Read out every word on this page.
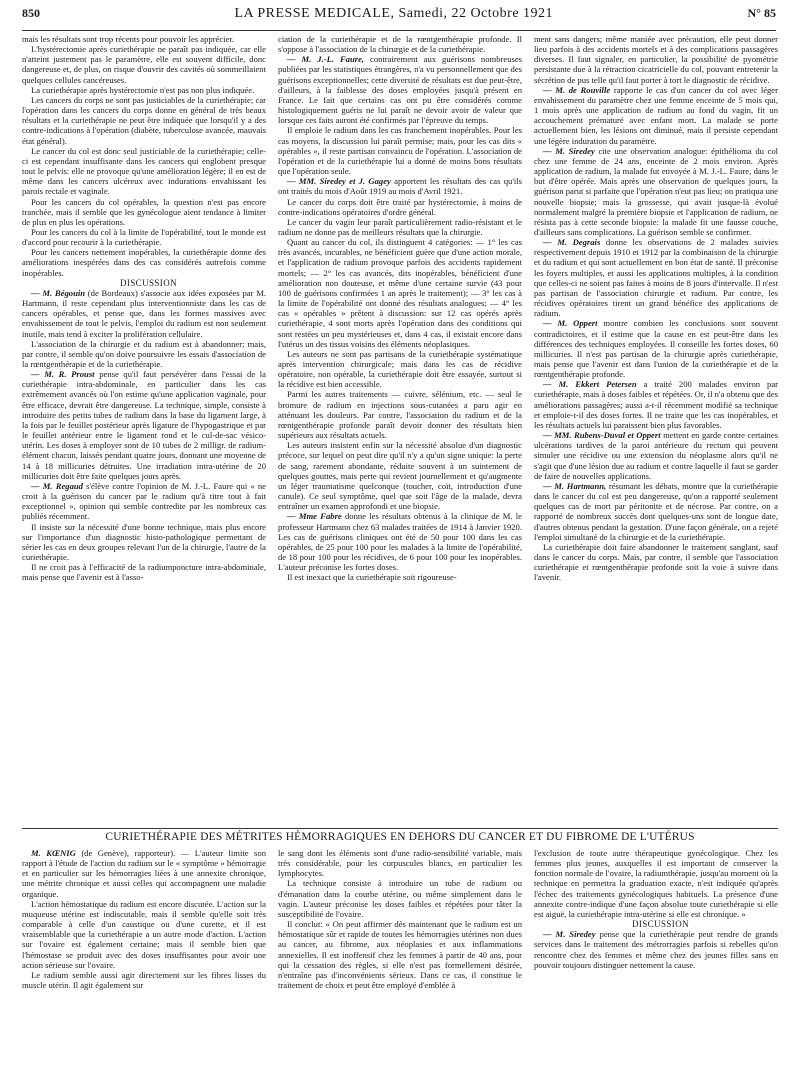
850	LA PRESSE MEDICALE, Samedi, 22 Octobre 1921	N° 85

mais les résultats sont trop récents pour pouvoir les apprécier.

L'hystérectomie après curiethérapie ne paraît pas indiquée, car elle n'atteint justement pas le paramètre, elle est souvent difficile, donc dangereuse et, de plus, on risque d'ouvrir des cavités où sommeillaient quelques cellules cancéreuses.

La curiethérapie après hystérectomie n'est pas non plus indiquée.

Les cancers du corps ne sont pas justiciables de la curiethérapie; car l'opération dans les cancers du corps donne en général de très beaux résultats et la curiethérapie ne peut être indiquée que lorsqu'il y a des contre-indications à l'opération (diabète, tuberculose avancée, mauvais état général).

Le cancer du col est donc seul justiciable de la curiethérapie; celle-ci est cependant insuffisante dans les cancers qui englobent presque tout le pelvis: elle ne provoque qu'une amélioration légère; il en est de même dans les cancers ulcéreux avec indurations envahissant les parois rectale et vaginale.

Pour les cancers du col opérables, la question n'est pas encore tranchée, mais il semble que les gynécologue aient tendance à limiter de plus en plus les opérations.

Pour les cancers du col à la limite de l'opérabilité, tout le monde est d'accord pour recourir à la curiethérapie.

Pour les cancers nettement inopérables, la curiethérapie donne des améliorations inespérées dans des cas considérés autrefois comme inopérables.

DISCUSSION

— M. Bégouin (de Bordeaux) s'associe aux idées exposées par M. Hartmann, il reste cependant plus interventionniste dans les cas de cancers opérables, et pense que, dans les formes massives avec envahissement de tout le pelvis, l'emploi du radium est non seulement inutile, mais tend à exciter la prolifération cellulaire.

L'association de la chirurgie et du radium est à abandonner; mais, par contre, il semble qu'on doive poursuivre les essais d'association de la rœntgenthérapie et de la curiethérapie.

— M. R. Proust pense qu'il faut persévérer dans l'essai de la curiethérapie intra-abdominale, en particulier dans les cas extrêmement avancés où l'on estime qu'une application vaginale, pour être efficace, devrait être dangereuse. La technique, simple, consiste à introduire des petits tubes de radium dans la base du ligament large, à la fois par le feuillet postérieur après ligature de l'hypogastrique et par le feuillet antérieur entre le ligament rond et le cul-de-sac vésico-utérin. Les doses à employer sont de 10 tubes de 2 milligr. de radium-élément chacun, laissés pendant quatre jours, donnant une moyenne de 14 à 18 millicuries détruites. Une irradiation intra-utérine de 20 millicuries doit être faite quelques jours après.

— M. Regaud s'élève contre l'opinion de M. J.-L. Faure qui « ne croit à la guérison du cancer par le radium qu'à titre tout à fait exceptionnel », opinion qui semble contredite par les nombreux cas publiés récemment.

Il insiste sur la nécessité d'une bonne technique, mais plus encore sur l'importance d'un diagnostic histo-pathologique permettant de sérier les cas en deux groupes relevant l'un de la chirurgie, l'autre de la curiethérapie.

Il ne croit pas à l'efficacité de la radiumponcture intra-abdominale, mais pense que l'avenir est à l'asso-

ciation de la curiethérapie et de la rœntgenthérapie profonde. Il s'oppose à l'association de la chirurgie et de la curiethérapie.

— M. J.-L. Faure, contrairement aux guérisons nombreuses publiées par les statistiques étrangères, n'a vu personnellement que des guérisons exceptionnelles; cette diversité de résultats est due peut-être, d'ailleurs, à la faiblesse des doses employées jusqu'à présent en France. Le fait que certains cas ont pu être considérés comme histologiquement guéris ne lui paraît ne devoir avoir de valeur que lorsque ces faits auront été confirmés par l'épreuve du temps.

Il emploie le radium dans les cas franchement inopérables. Pour les cas moyens, la discussion lui paraît permise; mais, pour les cas dits « opérables », il reste partisan convaincu de l'opération. L'association de l'opération et de la curiethérapie lui a donné de moins bons résultats que l'opération seule.

— MM. Siredey et J. Gagey apportent les résultats des cas qu'ils ont traités du mois d'Août 1919 au mois d'Avril 1921.

Le cancer du corps doit être traité par hystérectomie, à moins de contre-indications opératoires d'ordre général.

Le cancer du vagin leur paraît particulièrement radio-résistant et le radium ne donne pas de meilleurs résultats que la chirurgie.

Quant au cancer du col, ils distinguent 4 catégories: — 1° les cas très avancés, incurables, ne bénéficient guère que d'une action morale, et l'application de radium provoque parfois des accidents rapidement mortels; — 2° les cas avancés, dits inopérables, bénéficient d'une amélioration non douteuse, et même d'une certaine survie (43 pour 100 de guérisons confirmées 1 an après le traitement); — 3° les cas à la limite de l'opérabilité ont donné des résultats analogues; — 4° les cas « opérables » prêtent à discussion: sur 12 cas opérés après curiethérapie, 4 sont morts après l'opération dans des conditions qui sont restées un peu mystérieuses et, dans 4 cas, il existait encore dans l'utérus un des tissus voisins des éléments néoplasiques.

Les auteurs ne sont pas partisans de la curiethérapie systématique après intervention chirurgicale; mais dans les cas de récidive opératoire, non opérable, la curiethérapie doit être essayée, surtout si la récidive est bien accessible.

Parmi les autres traitements — cuivre, sélénium, etc. — seul le bromure de radium en injections sous-cutanées a paru agir en atténuant les douleurs. Par contre, l'association du radium et de la rœntgenthérapie profonde paraît devoir donner des résultats bien supérieurs aux résultats actuels.

Les auteurs insistent enfin sur la nécessité absolue d'un diagnostic précoce, sur lequel on peut dire qu'il n'y a qu'un signe unique: la perte de sang, rarement abondante, réduite souvent à un suintement de quelques gouttes, mais perte qui revient journellement et qu'augmente un léger traumatisme quelconque (toucher, coït, introduction d'une canule). Ce seul symptôme, quel que soit l'âge de la malade, devra entraîner un examen approfondi et une biopsie.

— Mme Fabre donne les résultats obtenus à la clinique de M. le professeur Hartmann chez 63 malades traitées de 1914 à Janvier 1920. Les cas de guérisons cliniques ont été de 50 pour 100 dans les cas opérables, de 25 pour 100 pour les malades à la limite de l'opérabilité, de 18 pour 100 pour les récidives, de 6 pour 100 pour les inopérables. L'auteur préconise les fortes doses.

Il est inexact que la curiethérapie soit rigoureuse-

ment sans dangers; même maniée avec précaution, elle peut donner lieu parfois à des accidents mortels et à des complications passagères diverses. Il faut signaler, en particulier, la possibilité de pyométrie persistante due à la rétraction cicatricielle du col, pouvant entretenir la sécrétion de pus telle qu'il faut porter à tort le diagnostic de récidive.

— M. de Rouville rapporte le cas d'un cancer du col avec léger envahissement du paramètre chez une femme enceinte de 5 mois qui, 1 mois après une application de radium au fond du vagin, fit un accouchement prématuré avec enfant mort. La malade se porte actuellement bien, les lésions ont diminué, mais il persiste cependant une légère induration du paramètre.

— M. Siredey cite une observation analogue: épithélioma du col chez une femme de 24 ans, enceinte de 2 mois environ. Après application de radium, la malade fut envoyée à M. J.-L. Faure, dans le but d'être opérée. Mais après une observation de quelques jours, la guérison parut si parfaite que l'opération n'eut pas lieu; on pratiqua une nouvelle biopsie; mais la grossesse, qui avait jusque-là évolué normalement malgré la première biopsie et l'application de radium, ne résista pas à cette seconde biopsie: la malade fit une fausse couche, d'ailleurs sans complications. La guérison semble se confirmer.

— M. Degrais donne les observations de 2 malades suivies respectivement depuis 1910 et 1912 par la combinaison de la chirurgie et du radium et qui sont actuellement en bon état de santé. Il préconise les foyers multiples, et aussi les applications multiples, à la condition que celles-ci ne soient pas faites à moins de 8 jours d'intervalle. Il n'est pas partisan de l'association chirurgie et radium. Par contre, les récidives opératoires tirent un grand bénéfice des applications de radium.

— M. Oppert montre combien les conclusions sont souvent contradictoires, et il estime que la cause en est peut-être dans les différences des techniques employées. Il conseille les fortes doses, 60 millicuries. Il n'est pas partisan de la chirurgie après curiethérapie, mais pense que l'avenir est dans l'union de la curiethérapie et de la rœntgenthérapie profonde.

— M. Ekkert Petersen a traité 200 malades environ par curiethérapie, mais à doses faibles et répétées. Or, il n'a obtenu que des améliorations passagères; aussi a-t-il récemment modifié sa technique et emploie-t-il des doses fortes. Il ne traite que les cas inopérables, et les résultats actuels lui paraissent bien plus favorables.

— MM. Rubens-Duval et Oppert mettent en garde contre certaines ulcérations tardives de la paroi antérieure du rectum qui peuvent simuler une récidive ou une extension du néoplasme alors qu'il ne s'agit que d'une lésion due au radium et contre laquelle il faut se garder de faire de nouvelles applications.

— M. Hartmann, résumant les débats, montre que la curiethérapie dans le cancer du col est peu dangereuse, qu'on a rapporté seulement quelques cas de mort par péritonite et de nécrose. Par contre, on a rapporté de nombreux succès dont quelques-uns sont de longue date, d'autres obtenus pendant la gestation. D'une façon générale, on a rejeté l'emploi simultané de la chirurgie et de la curiethérapie.

La curiethérapie doit faire abandonner le traitement sanglant, sauf dans le cancer du corps. Mais, par contre, il semble que l'association curiethérapie et rœntgenthérapie profonde soit la voie à suivre dans l'avenir.

CURIETHÉRAPIE DES MÉTRITES HÉMORRAGIQUES EN DEHORS DU CANCER ET DU FIBROME DE L'UTÉRUS

M. KŒNIG (de Genève), rapporteur). — L'auteur limite son rapport à l'étude de l'action du radium sur le « symptôme » hémorragie et en particulier sur les hémorragies liées à une annexite chronique, une métrite chronique et aussi celles qui accompagnent une maladie organique.

L'action hémostatique du radium est encore discutée. L'action sur la muqueuse utérine est indiscutable, mais il semble qu'elle soit très comparable à celle d'un caustique ou d'une curette, et il est vraisemblable que la curiethérapie a un autre mode d'action. L'action sur l'ovaire est également certaine; mais il semble bien que l'hémostase se produit avec des doses insuffisantes pour avoir une action sérieuse sur l'ovaire.

Le radium semble aussi agir directement sur les fibres lisses du muscle utérin. Il agit également sur

le sang dont les éléments sont d'une radio-sensibilité variable, mais très considérable, pour les corpuscules blancs, en particulier les lymphocytes.

La technique consiste à introduire un tube de radium ou d'émanation dans la courbe utérine, ou même simplement dans le vagin. L'auteur préconise les doses faibles et répétées pour tâter la susceptibilité de l'ovaire.

Il conclut: « On peut affirmer dès maintenant que le radium est un hémostatique sûr et rapide de toutes les hémorragies utérines non dues au cancer, au fibrome, aux néoplasies et aux inflammations annexielles. Il est inoffensif chez les femmes à partir de 40 ans, pour qui la cessation des règles, si elle n'est pas formellement désirée, n'entraîne pas d'inconvénients sérieux. Dans ce cas, il constitue le traitement de choix et peut être employé d'emblée à

l'exclusion de toute autre thérapeutique gynécologique. Chez les femmes plus jeunes, auxquelles il est important de conserver la fonction normale de l'ovaire, la radiumthérapie, jusqu'au moment où la technique en permettra la graduation exacte, n'est indiquée qu'après l'échec des traitements gynécologiques habituels. La présence d'une annexite contre-indique d'une façon absolue toute curiethérapie si elle est aiguë, la curiethérapie intra-utérine si elle est chronique. »

DISCUSSION

— M. Siredey pense que la curiethérapie peut rendre de grands services dans le traitement des métrorragies parfois si rebelles qu'on rencontre chez des femmes et même chez des jeunes filles sans en pouvoir toujours distinguer nettement la cause.
